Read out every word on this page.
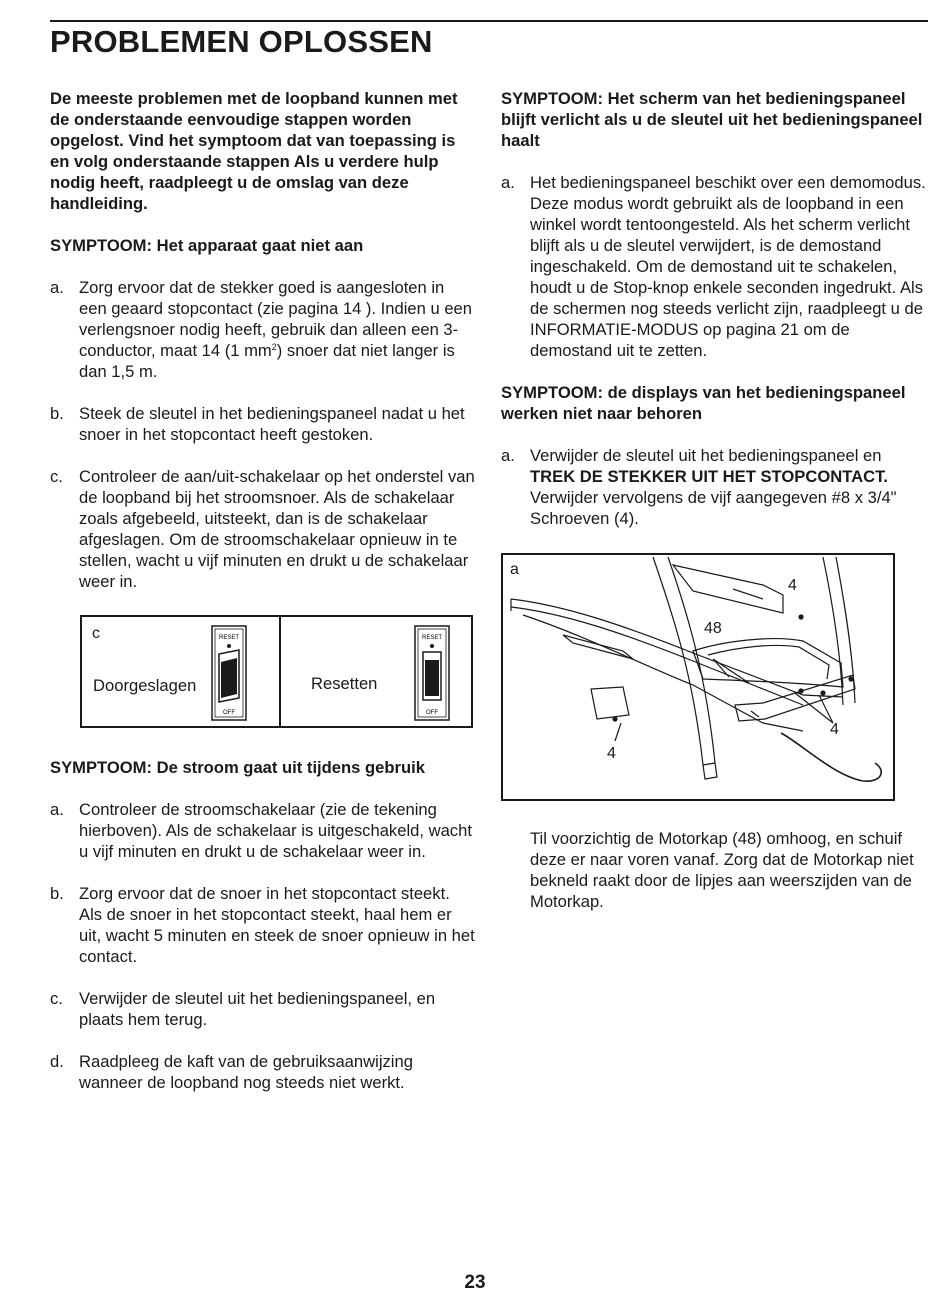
PROBLEMEN OPLOSSEN

De meeste problemen met de loopband kunnen met de onderstaande eenvoudige stappen worden opgelost. Vind het symptoom dat van toepassing is en volg onderstaande stappen Als u verdere hulp nodig heeft, raadpleegt u de omslag van deze handleiding.

SYMPTOOM: Het apparaat gaat niet aan
a. Zorg ervoor dat de stekker goed is aangesloten in een geaard stopcontact (zie pagina 14 ). Indien u een verlengsnoer nodig heeft, gebruik dan alleen een 3-conductor, maat 14 (1 $mm^2$) snoer dat niet langer is dan 1,5 m.
b. Steek de sleutel in het bedieningspaneel nadat u het snoer in het stopcontact heeft gestoken.
c. Controleer de aan/uit-schakelaar op het onderstel van de loopband bij het stroomsnoer. Als de schakelaar zoals afgebeeld, uitsteekt, dan is de schakelaar afgeslagen. Om de stroomschakelaar opnieuw in te stellen, wacht u vijf minuten en drukt u de schakelaar weer in.
c
Doorgeslagen	Resetten
RESET
OFF
RESET
OFF
SYMPTOOM: De stroom gaat uit tijdens gebruik
a. Controleer de stroomschakelaar (zie de tekening hierboven). Als de schakelaar is uitgeschakeld, wacht u vijf minuten en drukt u de schakelaar weer in.
b. Zorg ervoor dat de snoer in het stopcontact steekt. Als de snoer in het stopcontact steekt, haal hem er uit, wacht 5 minuten en steek de snoer opnieuw in het contact.
c. Verwijder de sleutel uit het bedieningspaneel, en plaats hem terug.
d. Raadpleeg de kaft van de gebruiksaanwijzing wanneer de loopband nog steeds niet werkt.
SYMPTOOM: Het scherm van het bedieningspaneel blijft verlicht als u de sleutel uit het bedieningspaneel haalt
a. Het bedieningspaneel beschikt over een demomodus. Deze modus wordt gebruikt als de loopband in een winkel wordt tentoongesteld. Als het scherm verlicht blijft als u de sleutel verwijdert, is de demostand ingeschakeld. Om de demostand uit te schakelen, houdt u de Stop-knop enkele seconden ingedrukt. Als de schermen nog steeds verlicht zijn, raadpleegt u de INFORMATIE-MODUS op pagina 21 om de demostand uit te zetten.
SYMPTOOM: de displays van het bedieningspaneel werken niet naar behoren
a. Verwijder de sleutel uit het bedieningspaneel en TREK DE STEKKER UIT HET STOPCONTACT. Verwijder vervolgens de vijf aangegeven #8 x 3/4" Schroeven (4).
a
4
48
4
4

Til voorzichtig de Motorkap (48) omhoog, en schuif deze er naar voren vanaf. Zorg dat de Motorkap niet bekneld raakt door de lipjes aan weerszijden van de Motorkap.

23
